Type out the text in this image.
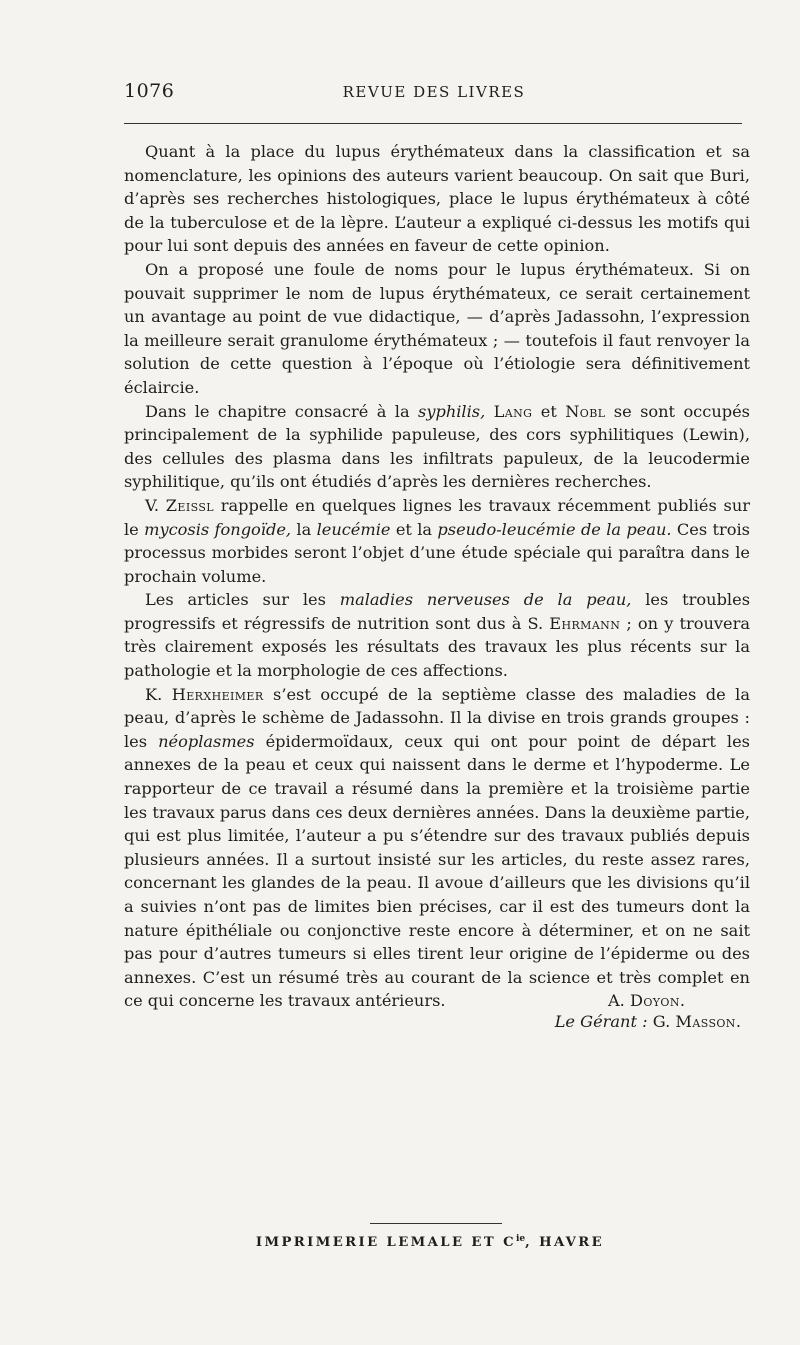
1076	REVUE DES LIVRES

Quant à la place du lupus érythémateux dans la classification et sa nomenclature, les opinions des auteurs varient beaucoup. On sait que Buri, d’après ses recherches histologiques, place le lupus érythémateux à côté de la tuberculose et de la lèpre. L’auteur a expliqué ci-dessus les motifs qui pour lui sont depuis des années en faveur de cette opinion.

On a proposé une foule de noms pour le lupus érythémateux. Si on pouvait supprimer le nom de lupus érythémateux, ce serait certainement un avantage au point de vue didactique, — d’après Jadassohn, l’expression la meilleure serait granulome érythémateux ; — toutefois il faut renvoyer la solution de cette question à l’époque où l’étiologie sera définitivement éclaircie.

Dans le chapitre consacré à la syphilis, Lang et Nobl se sont occupés principalement de la syphilide papuleuse, des cors syphilitiques (Lewin), des cellules des plasma dans les infiltrats papuleux, de la leucodermie syphilitique, qu’ils ont étudiés d’après les dernières recherches.

V. Zeissl rappelle en quelques lignes les travaux récemment publiés sur le mycosis fongoïde, la leucémie et la pseudo-leucémie de la peau. Ces trois processus morbides seront l’objet d’une étude spéciale qui paraîtra dans le prochain volume.

Les articles sur les maladies nerveuses de la peau, les troubles progressifs et régressifs de nutrition sont dus à S. Ehrmann ; on y trouvera très clairement exposés les résultats des travaux les plus récents sur la pathologie et la morphologie de ces affections.

K. Herxheimer s’est occupé de la septième classe des maladies de la peau, d’après le schème de Jadassohn. Il la divise en trois grands groupes : les néoplasmes épidermoïdaux, ceux qui ont pour point de départ les annexes de la peau et ceux qui naissent dans le derme et l’hypoderme. Le rapporteur de ce travail a résumé dans la première et la troisième partie les travaux parus dans ces deux dernières années. Dans la deuxième partie, qui est plus limitée, l’auteur a pu s’étendre sur des travaux publiés depuis plusieurs années. Il a surtout insisté sur les articles, du reste assez rares, concernant les glandes de la peau. Il avoue d’ailleurs que les divisions qu’il a suivies n’ont pas de limites bien précises, car il est des tumeurs dont la nature épithéliale ou conjonctive reste encore à déterminer, et on ne sait pas pour d’autres tumeurs si elles tirent leur origine de l’épiderme ou des annexes. C’est un résumé très au courant de la science et très complet en ce qui concerne les travaux antérieurs.	A. Doyon.

Le Gérant : G. Masson.
IMPRIMERIE LEMALE ET $C^{ie}$, HAVRE
